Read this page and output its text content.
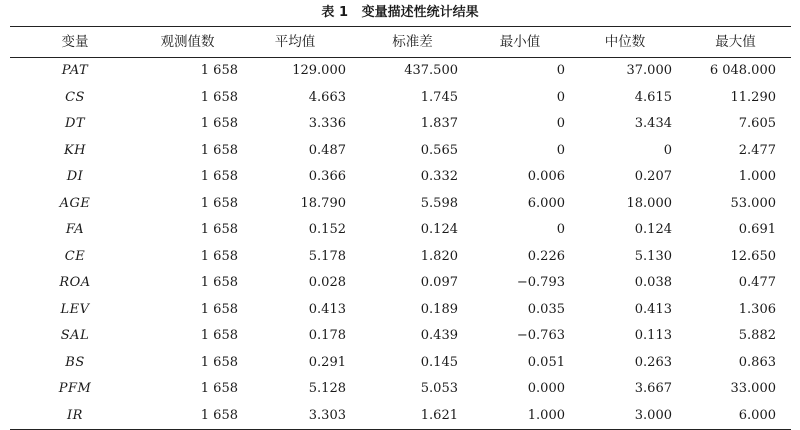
表 1   变量描述性统计结果
变量	观测值数	平均值	标准差	最小值	中位数	最大值
PAT	1 658	129.000	437.500	0	37.000	6 048.000
CS	1 658	4.663	1.745	0	4.615	11.290
DT	1 658	3.336	1.837	0	3.434	7.605
KH	1 658	0.487	0.565	0	0	2.477
DI	1 658	0.366	0.332	0.006	0.207	1.000
AGE	1 658	18.790	5.598	6.000	18.000	53.000
FA	1 658	0.152	0.124	0	0.124	0.691
CE	1 658	5.178	1.820	0.226	5.130	12.650
ROA	1 658	0.028	0.097	−0.793	0.038	0.477
LEV	1 658	0.413	0.189	0.035	0.413	1.306
SAL	1 658	0.178	0.439	−0.763	0.113	5.882
BS	1 658	0.291	0.145	0.051	0.263	0.863
PFM	1 658	5.128	5.053	0.000	3.667	33.000
IR	1 658	3.303	1.621	1.000	3.000	6.000
